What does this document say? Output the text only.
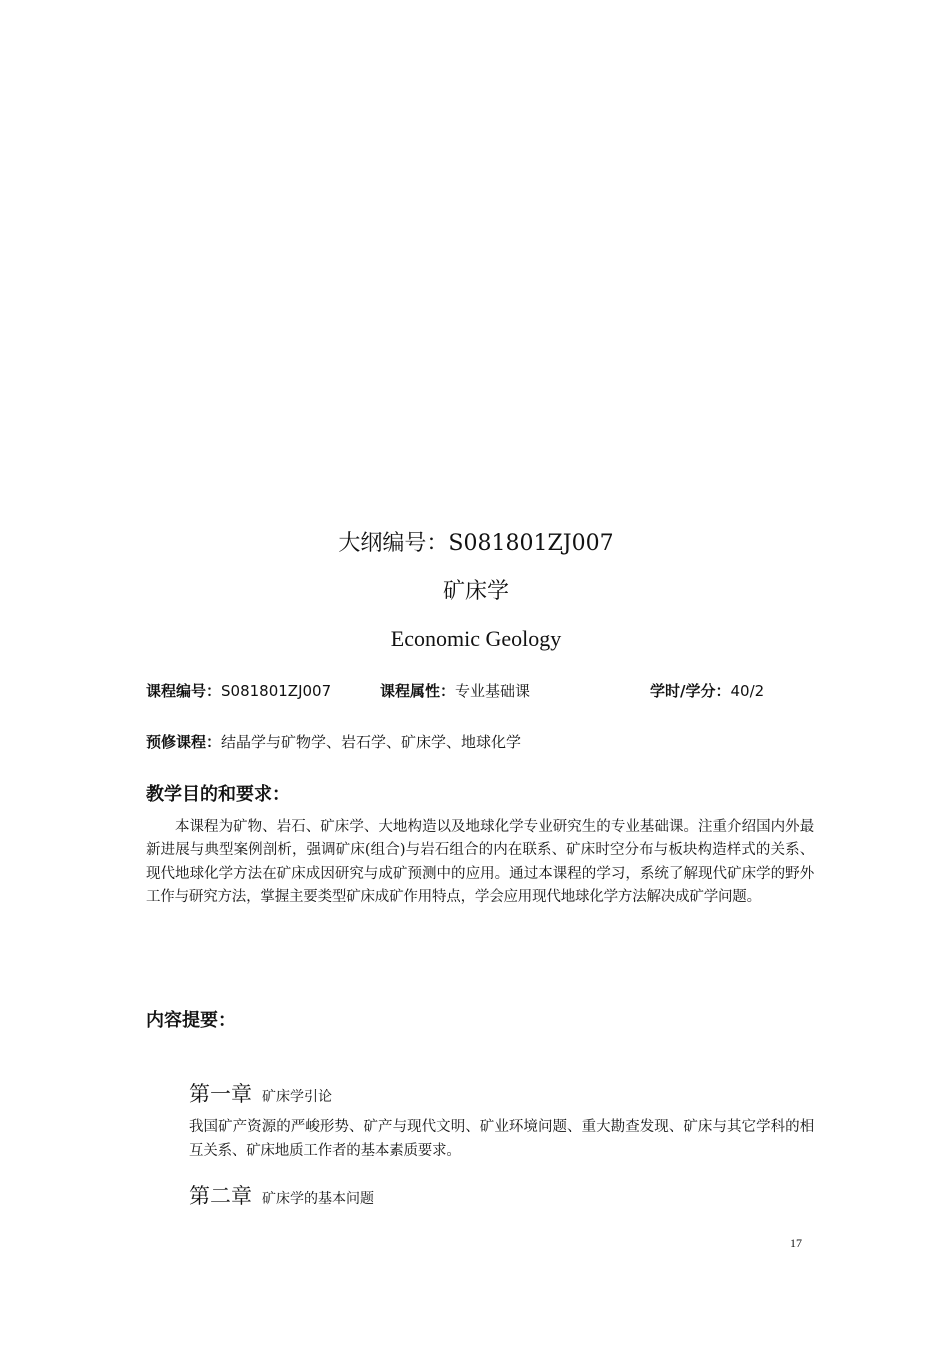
大纲编号：S081801ZJ007
矿床学
Economic Geology
课程编号：S081801ZJ007	课程属性：专业基础课	学时/学分：40/2
预修课程：结晶学与矿物学、岩石学、矿床学、地球化学
教学目的和要求：
本课程为矿物、岩石、矿床学、大地构造以及地球化学专业研究生的专业基础课。注重介绍国内外最新进展与典型案例剖析，强调矿床(组合)与岩石组合的内在联系、矿床时空分布与板块构造样式的关系、现代地球化学方法在矿床成因研究与成矿预测中的应用。通过本课程的学习，系统了解现代矿床学的野外工作与研究方法，掌握主要类型矿床成矿作用特点，学会应用现代地球化学方法解决成矿学问题。
内容提要：
第一章 矿床学引论
我国矿产资源的严峻形势、矿产与现代文明、矿业环境问题、重大勘查发现、矿床与其它学科的相互关系、矿床地质工作者的基本素质要求。
第二章 矿床学的基本问题
17
